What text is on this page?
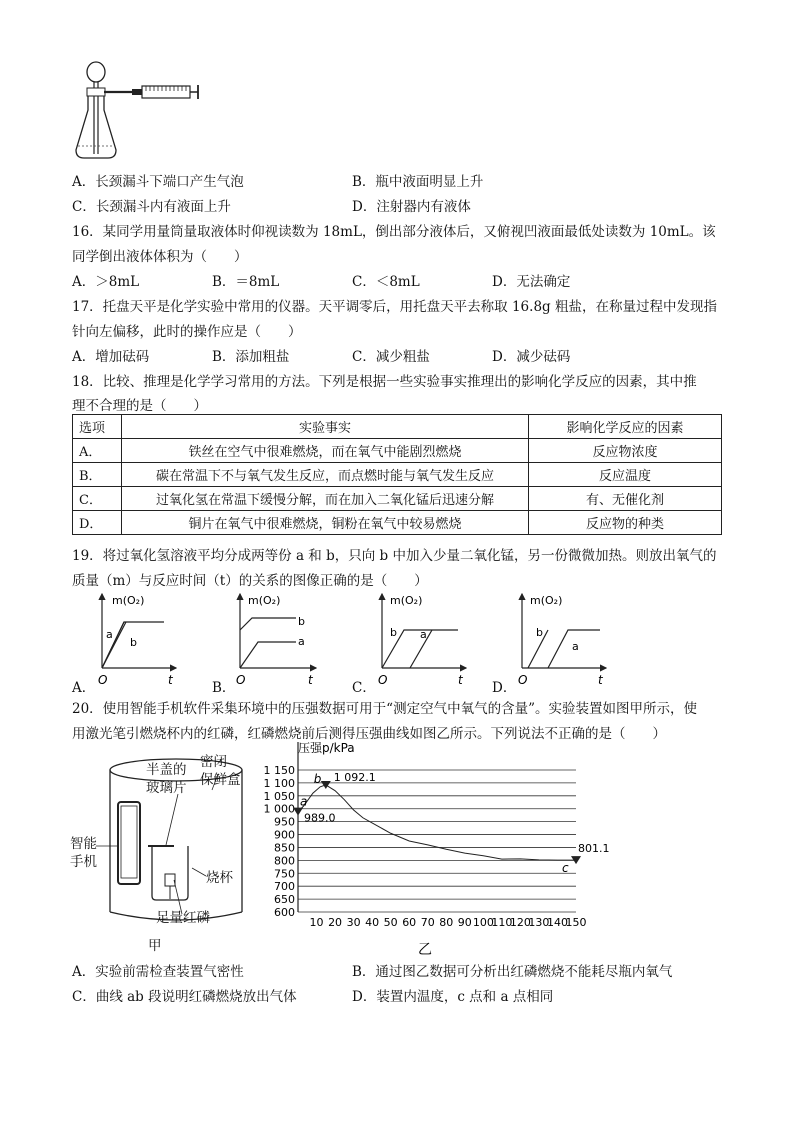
A．长颈漏斗下端口产生气泡	B．瓶中液面明显上升
C．长颈漏斗内有液面上升	D．注射器内有液体
16．某同学用量筒量取液体时仰视读数为 18mL，倒出部分液体后，又俯视凹液面最低处读数为 10mL。该
同学倒出液体体积为（　　）
A．＞8mL	B．＝8mL	C．＜8mL	D．无法确定
17．托盘天平是化学实验中常用的仪器。天平调零后，用托盘天平去称取 16.8g 粗盐，在称量过程中发现指
针向左偏移，此时的操作应是（　　）
A．增加砝码	B．添加粗盐	C．减少粗盐	D．减少砝码
18．比较、推理是化学学习常用的方法。下列是根据一些实验事实推理出的影响化学反应的因素，其中推
理不合理的是（　　）
选项	实验事实	影响化学反应的因素
A．	铁丝在空气中很难燃烧，而在氧气中能剧烈燃烧	反应物浓度
B．	碳在常温下不与氧气发生反应，而点燃时能与氧气发生反应	反应温度
C．	过氧化氢在常温下缓慢分解，而在加入二氧化锰后迅速分解	有、无催化剂
D．	铜片在氧气中很难燃烧，铜粉在氧气中较易燃烧	反应物的种类
19．将过氧化氢溶液平均分成两等份 a 和 b，只向 b 中加入少量二氧化锰，另一份微微加热。则放出氧气的
质量（m）与反应时间（t）的关系的图像正确的是（　　）
m(O₂)
a
b
O	t
A．
m(O₂)
b
a
O	t	C．
m(O₂)
b a
O	t
B．
m(O₂)
b
a
O	t
D．
20．使用智能手机软件采集环境中的压强数据可用于“测定空气中氧气的含量”。实验装置如图甲所示，使
用激光笔引燃烧杯内的红磷，红磷燃烧前后测得压强曲线如图乙所示。下列说法不正确的是（　　）
密闭
保鲜盒
半盖的
玻璃片
智能
手机
烧杯
足量红磷
甲
600
650
700
750
800
850
900
950
1 000
1 050
1 100
1 150
10 20 30 40 50 60 70 80 90 100
110
120
130
140
150
压强p/kPa
a
989.0
b 1 092.1
c
801.1
乙
A．实验前需检查装置气密性	B．通过图乙数据可分析出红磷燃烧不能耗尽瓶内氧气
C．曲线 ab 段说明红磷燃烧放出气体	D．装置内温度，c 点和 a 点相同
